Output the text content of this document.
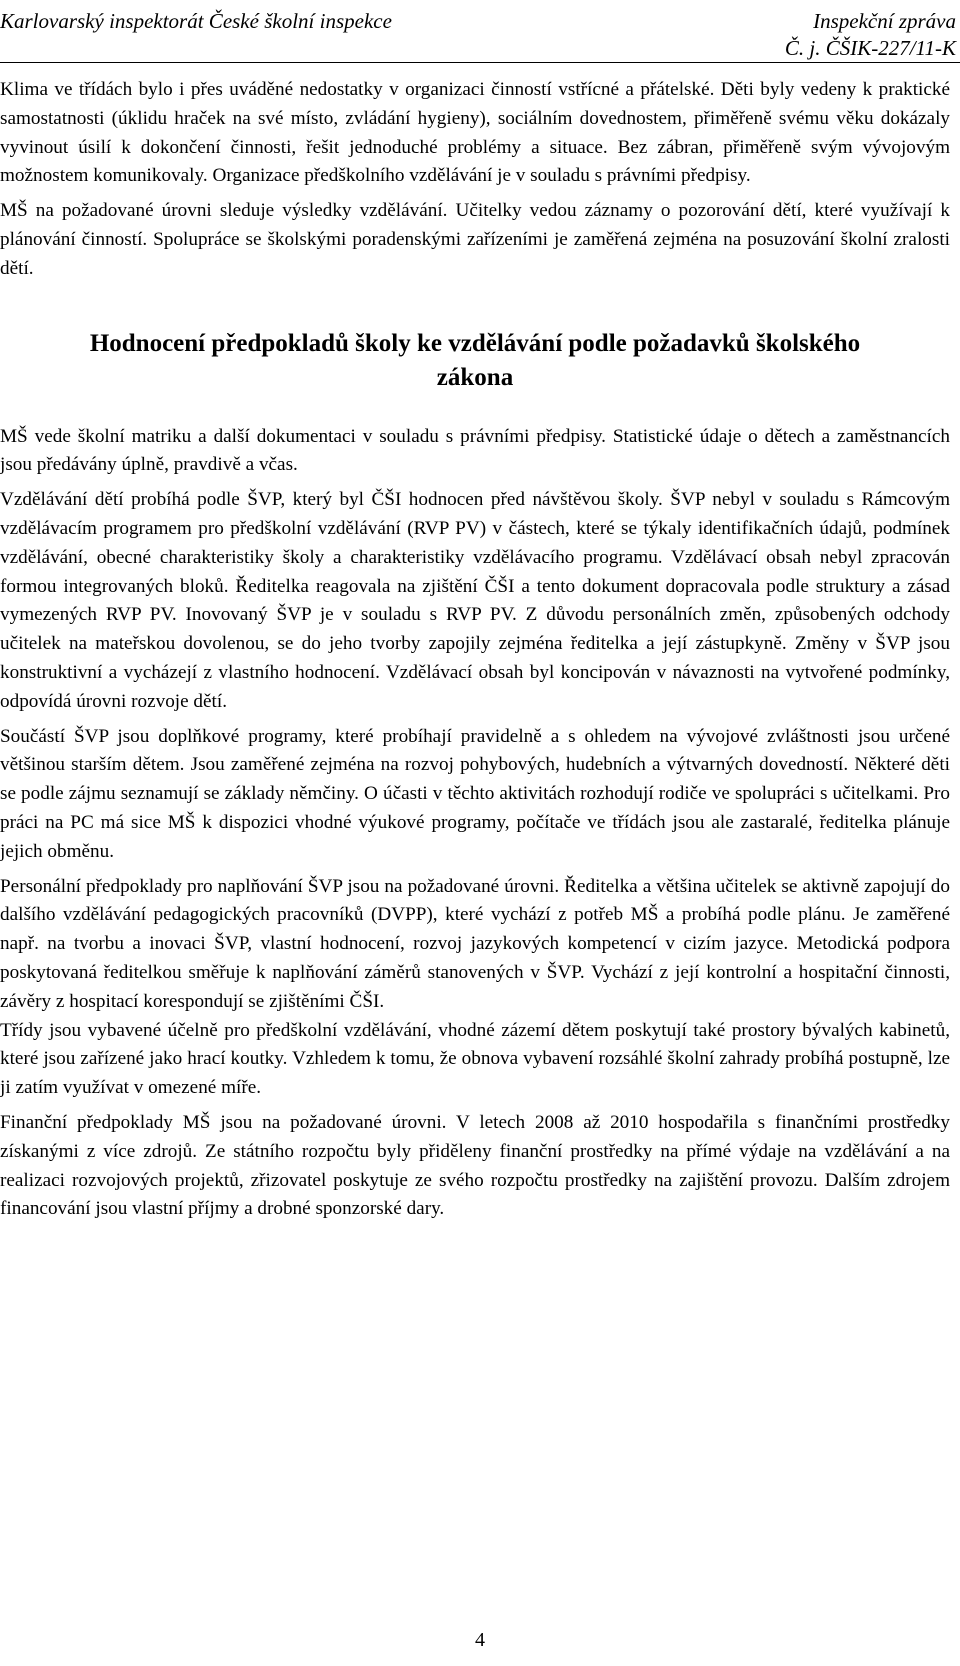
Karlovarský inspektorát České školní inspekce	Inspekční zpráva
Č. j. ČŠIK-227/11-K

Klima ve třídách bylo i přes uváděné nedostatky v organizaci činností vstřícné a přátelské. Děti byly vedeny k praktické samostatnosti (úklidu hraček na své místo, zvládání hygieny), sociálním dovednostem, přiměřeně svému věku dokázaly vyvinout úsilí k dokončení činnosti, řešit jednoduché problémy a situace. Bez zábran, přiměřeně svým vývojovým možnostem komunikovaly. Organizace předškolního vzdělávání je v souladu s právními předpisy.

MŠ na požadované úrovni sleduje výsledky vzdělávání. Učitelky vedou záznamy o pozorování dětí, které využívají k plánování činností. Spolupráce se školskými poradenskými zařízeními je zaměřená zejména na posuzování školní zralosti dětí.

Hodnocení předpokladů školy ke vzdělávání podle požadavků školského zákona

MŠ vede školní matriku a další dokumentaci v souladu s právními předpisy. Statistické údaje o dětech a zaměstnancích jsou předávány úplně, pravdivě a včas.

Vzdělávání dětí probíhá podle ŠVP, který byl ČŠI hodnocen před návštěvou školy. ŠVP nebyl v souladu s Rámcovým vzdělávacím programem pro předškolní vzdělávání (RVP PV) v částech, které se týkaly identifikačních údajů, podmínek vzdělávání, obecné charakteristiky školy a charakteristiky vzdělávacího programu. Vzdělávací obsah nebyl zpracován formou integrovaných bloků. Ředitelka reagovala na zjištění ČŠI a tento dokument dopracovala podle struktury a zásad vymezených RVP PV. Inovovaný ŠVP je v souladu s RVP PV. Z důvodu personálních změn, způsobených odchody učitelek na mateřskou dovolenou, se do jeho tvorby zapojily zejména ředitelka a její zástupkyně. Změny v ŠVP jsou konstruktivní a vycházejí z vlastního hodnocení. Vzdělávací obsah byl koncipován v návaznosti na vytvořené podmínky, odpovídá úrovni rozvoje dětí.

Součástí ŠVP jsou doplňkové programy, které probíhají pravidelně a s ohledem na vývojové zvláštnosti jsou určené většinou starším dětem. Jsou zaměřené zejména na rozvoj pohybových, hudebních a výtvarných dovedností. Některé děti se podle zájmu seznamují se základy němčiny. O účasti v těchto aktivitách rozhodují rodiče ve spolupráci s učitelkami. Pro práci na PC má sice MŠ k dispozici vhodné výukové programy, počítače ve třídách jsou ale zastaralé, ředitelka plánuje jejich obměnu.

Personální předpoklady pro naplňování ŠVP jsou na požadované úrovni. Ředitelka a většina učitelek se aktivně zapojují do dalšího vzdělávání pedagogických pracovníků (DVPP), které vychází z potřeb MŠ a probíhá podle plánu. Je zaměřené např. na tvorbu a inovaci ŠVP, vlastní hodnocení, rozvoj jazykových kompetencí v cizím jazyce. Metodická podpora poskytovaná ředitelkou směřuje k naplňování záměrů stanovených v ŠVP. Vychází z její kontrolní a hospitační činnosti, závěry z hospitací korespondují se zjištěními ČŠI.

Třídy jsou vybavené účelně pro předškolní vzdělávání, vhodné zázemí dětem poskytují také prostory bývalých kabinetů, které jsou zařízené jako hrací koutky. Vzhledem k tomu, že obnova vybavení rozsáhlé školní zahrady probíhá postupně, lze ji zatím využívat v omezené míře.

Finanční předpoklady MŠ jsou na požadované úrovni. V letech 2008 až 2010 hospodařila s finančními prostředky získanými z více zdrojů. Ze státního rozpočtu byly přiděleny finanční prostředky na přímé výdaje na vzdělávání a na realizaci rozvojových projektů, zřizovatel poskytuje ze svého rozpočtu prostředky na zajištění provozu. Dalším zdrojem financování jsou vlastní příjmy a drobné sponzorské dary.

4
